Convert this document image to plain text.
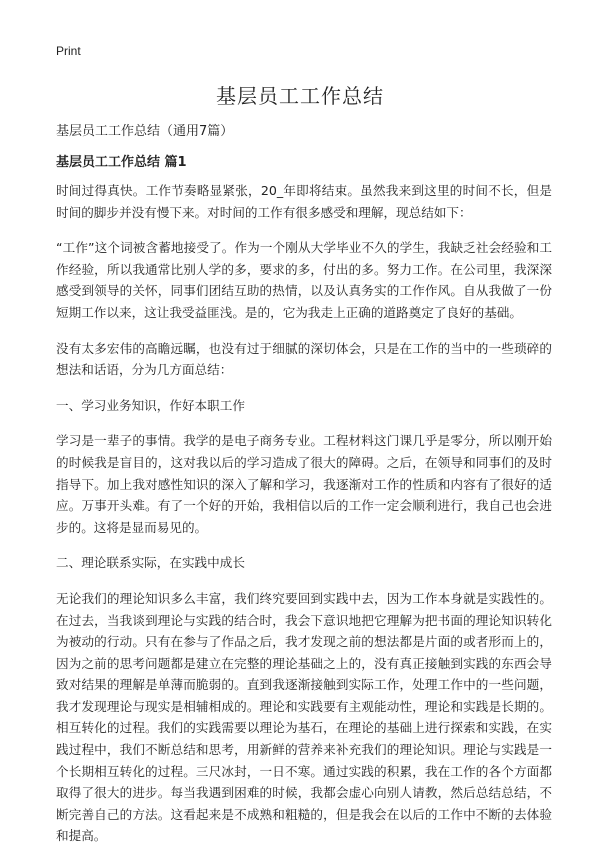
Print
基层员工工作总结

基层员工工作总结（通用7篇）

基层员工工作总结 篇1

时间过得真快。工作节奏略显紧张，20_年即将结束。虽然我来到这里的时间不长，但是时间的脚步并没有慢下来。对时间的工作有很多感受和理解，现总结如下：

“工作”这个词被含蓄地接受了。作为一个刚从大学毕业不久的学生，我缺乏社会经验和工作经验，所以我通常比别人学的多，要求的多，付出的多。努力工作。在公司里，我深深感受到领导的关怀，同事们团结互助的热情，以及认真务实的工作作风。自从我做了一份短期工作以来，这让我受益匪浅。是的，它为我走上正确的道路奠定了良好的基础。

没有太多宏伟的高瞻远瞩，也没有过于细腻的深切体会，只是在工作的当中的一些琐碎的想法和话语，分为几方面总结：

一、学习业务知识，作好本职工作

学习是一辈子的事情。我学的是电子商务专业。工程材料这门课几乎是零分，所以刚开始的时候我是盲目的，这对我以后的学习造成了很大的障碍。之后，在领导和同事们的及时指导下。加上我对感性知识的深入了解和学习，我逐渐对工作的性质和内容有了很好的适应。万事开头难。有了一个好的开始，我相信以后的工作一定会顺利进行，我自己也会进步的。这将是显而易见的。

二、理论联系实际，在实践中成长

无论我们的理论知识多么丰富，我们终究要回到实践中去，因为工作本身就是实践性的。在过去，当我谈到理论与实践的结合时，我会下意识地把它理解为把书面的理论知识转化为被动的行动。只有在参与了作品之后，我才发现之前的想法都是片面的或者形而上的，因为之前的思考问题都是建立在完整的理论基础之上的，没有真正接触到实践的东西会导致对结果的理解是单薄而脆弱的。直到我逐渐接触到实际工作，处理工作中的一些问题，我才发现理论与现实是相辅相成的。理论和实践要有主观能动性，理论和实践是长期的。相互转化的过程。我们的实践需要以理论为基石，在理论的基础上进行探索和实践，在实践过程中，我们不断总结和思考，用新鲜的营养来补充我们的理论知识。理论与实践是一个长期相互转化的过程。三尺冰封，一日不寒。通过实践的积累，我在工作的各个方面都取得了很大的进步。每当我遇到困难的时候，我都会虚心向别人请教，然后总结总结，不断完善自己的方法。这看起来是不成熟和粗糙的，但是我会在以后的工作中不断的去体验和提高。
